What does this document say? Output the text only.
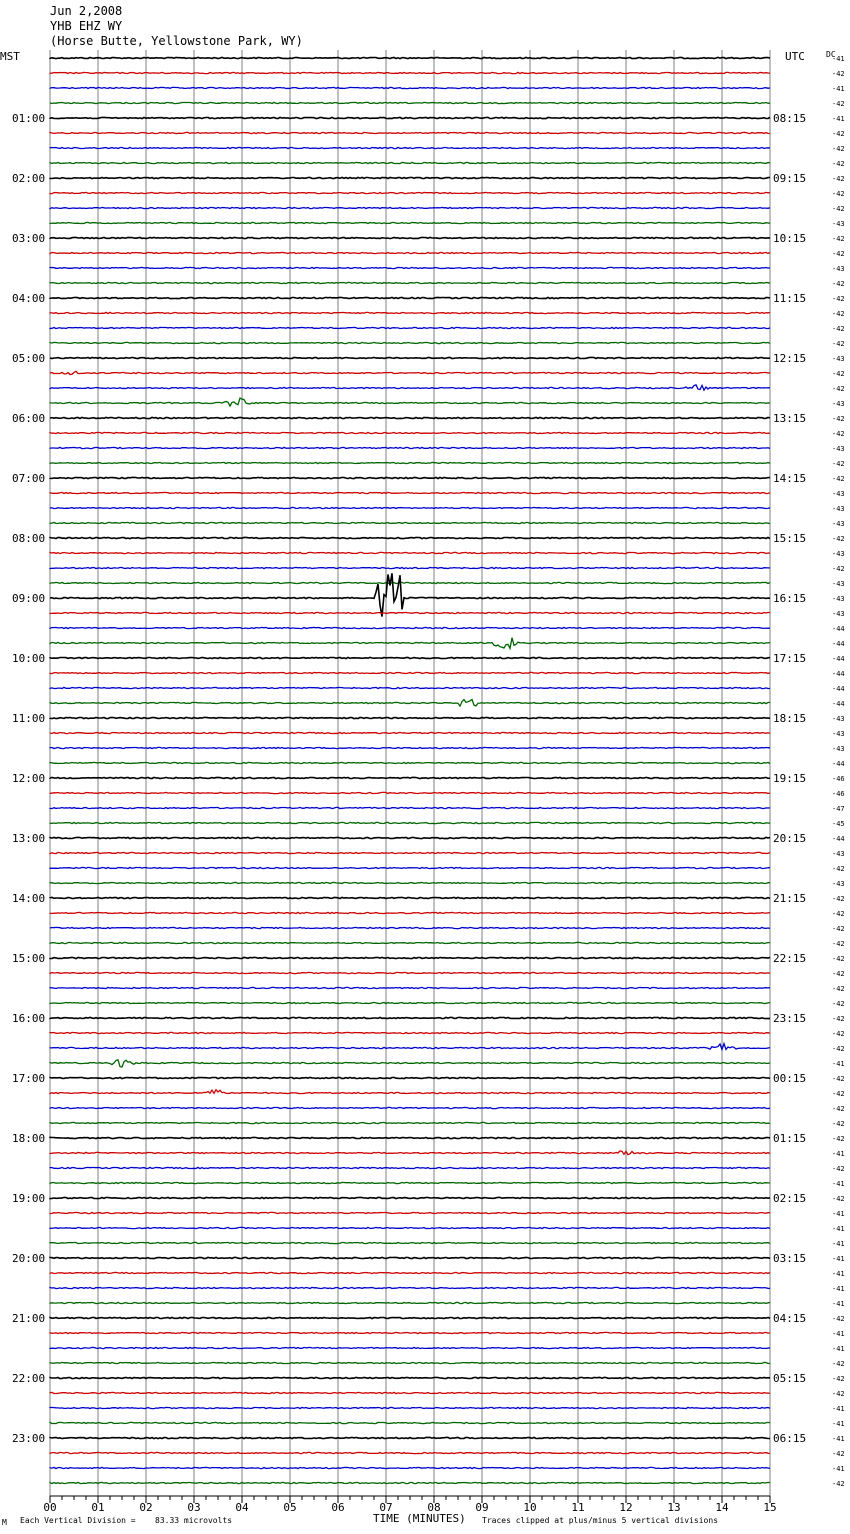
Jun 2,2008
YHB EHZ WY
(Horse Butte, Yellowstone Park, WY)
MST	UTC	DC
-41
-42
-41
-42
-41
-42
-42
-42
-42
-42
-42
-43
-42
-42
-43
-42
-42
-42
-42
-42
-43
-42
-42
-43
-42
-42
-43
-42
-42
-43
-43
-43
-42
-43
-42
-43
-43
-43
-44
-44
-44
-44
-44
-44
-43
-43
-43
-44
-46
-46
-47
-45
-44
-43
-42
-43
-42
-42
-42
-42
-42
-42
-42
-42
-42
-42
-42
-41
-42
-42
-42
-42
-42
-41
-42
-41
-42
-41
-41
-41
-41
-41
-41
-41
-42
-41
-41
-42
-42
-42
-41
-41
-41
-42
-41
-42
01:00
02:00
03:00
04:00
05:00
06:00
07:00
08:00
09:00
10:00
11:00
12:00
13:00
14:00
15:00
16:00
17:00
18:00
19:00
20:00
21:00
22:00
23:00
08:15
09:15
10:15
11:15
12:15
13:15
14:15
15:15
16:15
17:15
18:15
19:15
20:15
21:15
22:15
23:15
00:15
01:15
02:15
03:15
04:15
05:15
06:15
00	01	02	03	04	05	06	07	08	09	10	11	12	13	14	15
M Each Vertical Division = 83.33 microvolts	TIME (MINUTES) Traces clipped at plus/minus 5 vertical divisions
